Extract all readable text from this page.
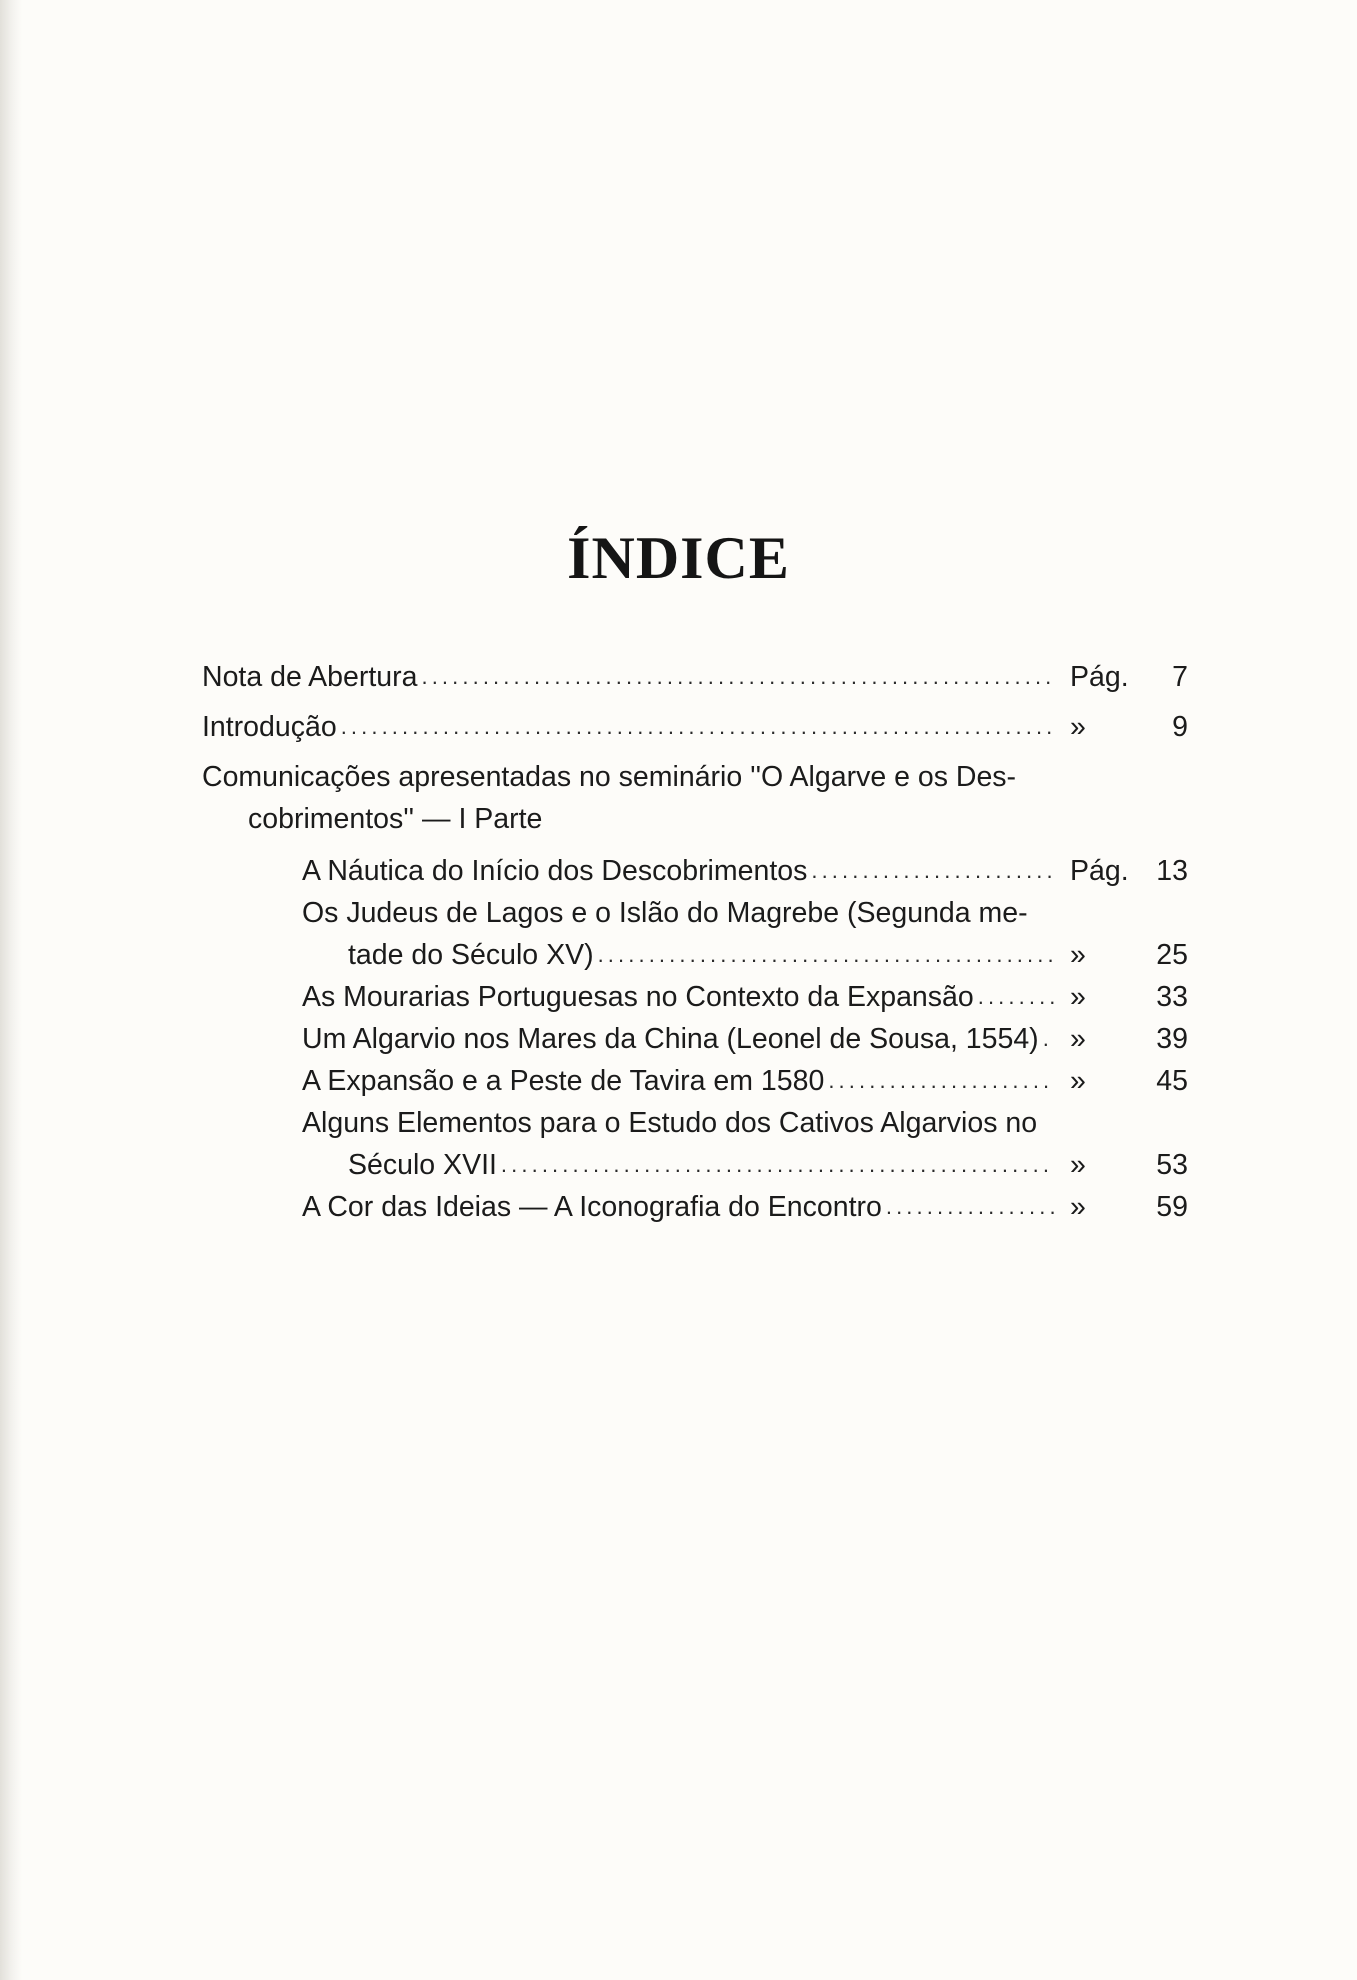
ÍNDICE
Nota de Abertura . . .	Pág.	7
Introdução . . .	»	9
Comunicações apresentadas no seminário ''O Algarve e os Des-
cobrimentos'' — I Parte
A Náutica do Início dos Descobrimentos . . .	Pág. 13
Os Judeus de Lagos e o Islão do Magrebe (Segunda me-
tade do Século XV) . . .	»	25
As Mourarias Portuguesas no Contexto da Expansão . . .	»	33
Um Algarvio nos Mares da China (Leonel de Sousa, 1554) . . .	»	39
A Expansão e a Peste de Tavira em 1580 . . .	»	45
Alguns Elementos para o Estudo dos Cativos Algarvios no
Século XVII . . .	»	53
A Cor das Ideias — A Iconografia do Encontro . . .	»	59
